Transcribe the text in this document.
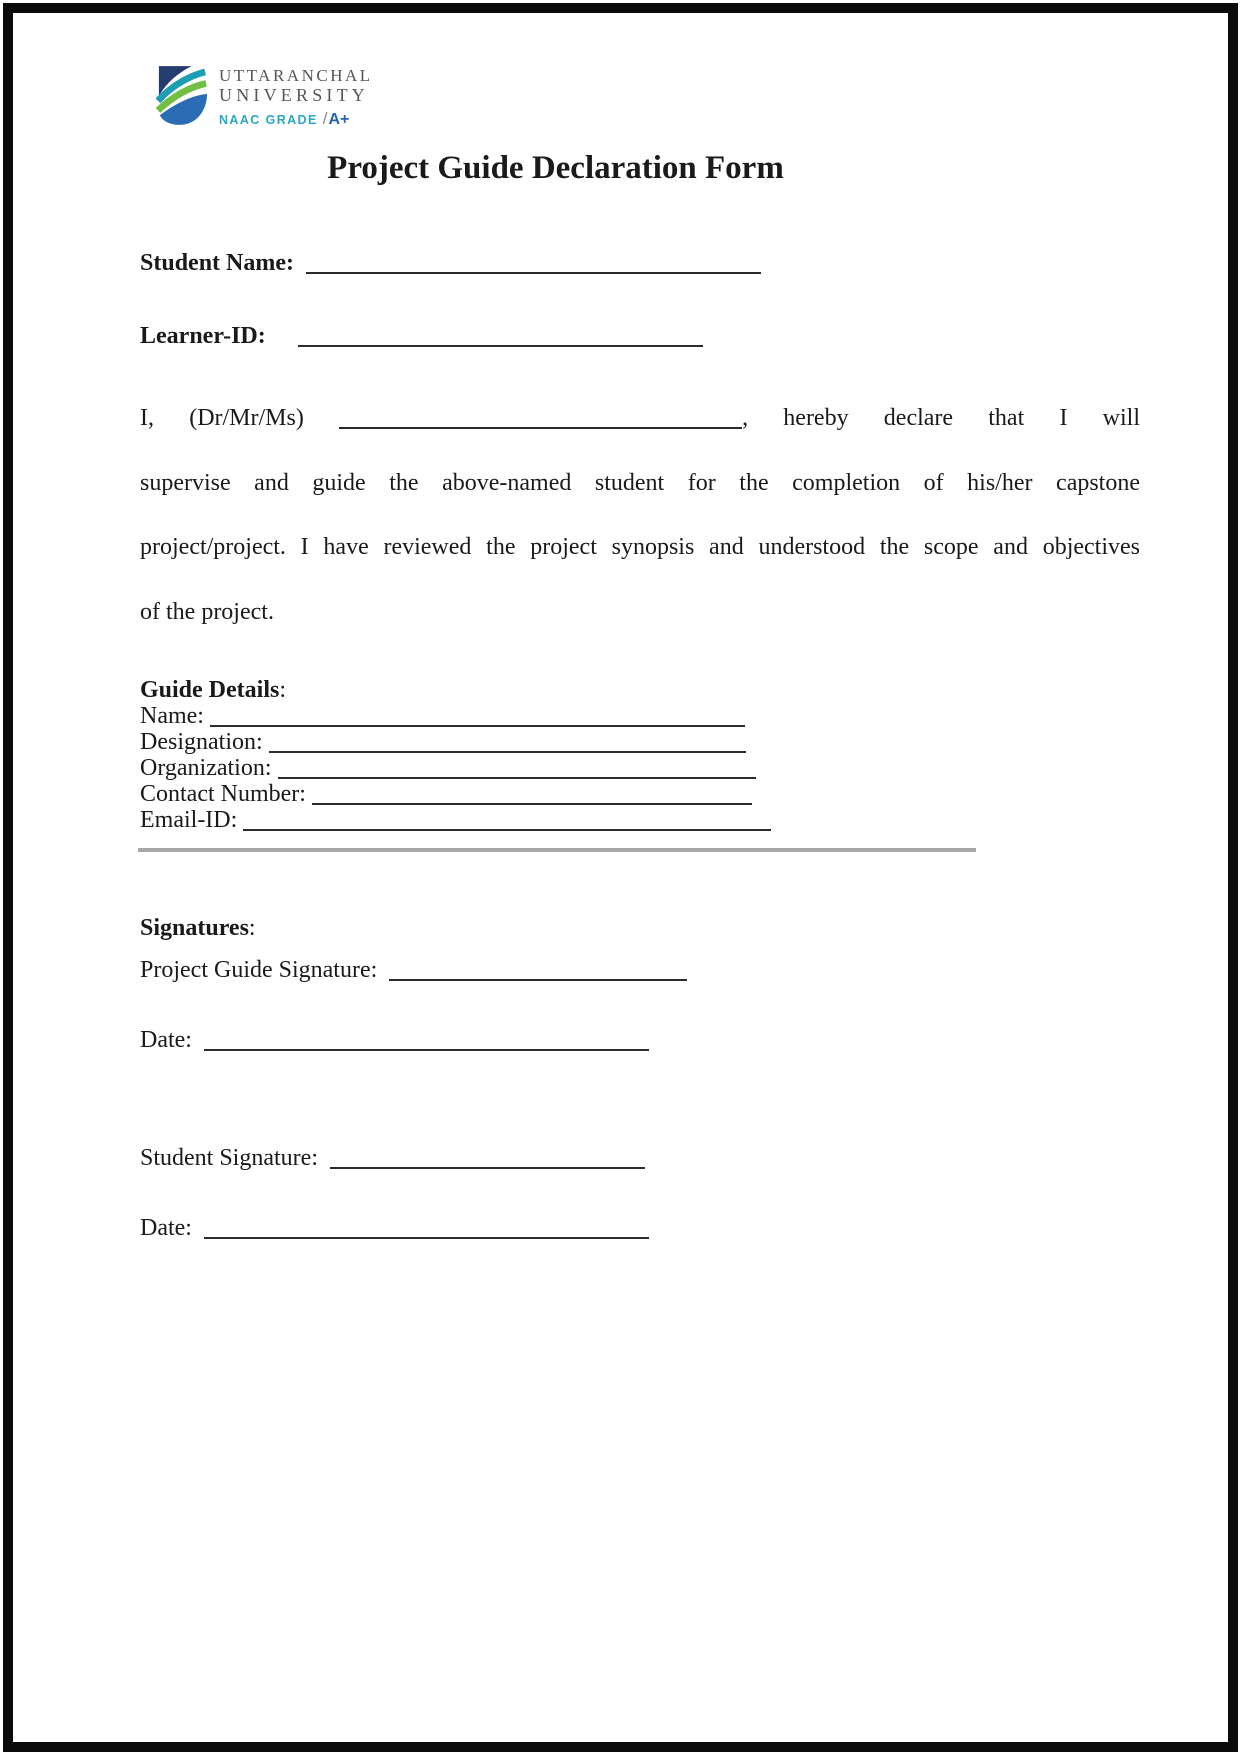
UTTARANCHAL
UNIVERSITY
NAAC GRADE / A+
Project Guide Declaration Form
Student Name:
Learner-ID:
I, (Dr/Mr/Ms)	, hereby declare that I will
supervise and guide the above-named student for the completion of his/her capstone
project/project. I have reviewed the project synopsis and understood the scope and objectives
of the project.
Guide Details:
Name:
Designation:
Organization:
Contact Number:
Email-ID:
Signatures:
Project Guide Signature:
Date:
Student Signature:
Date:
